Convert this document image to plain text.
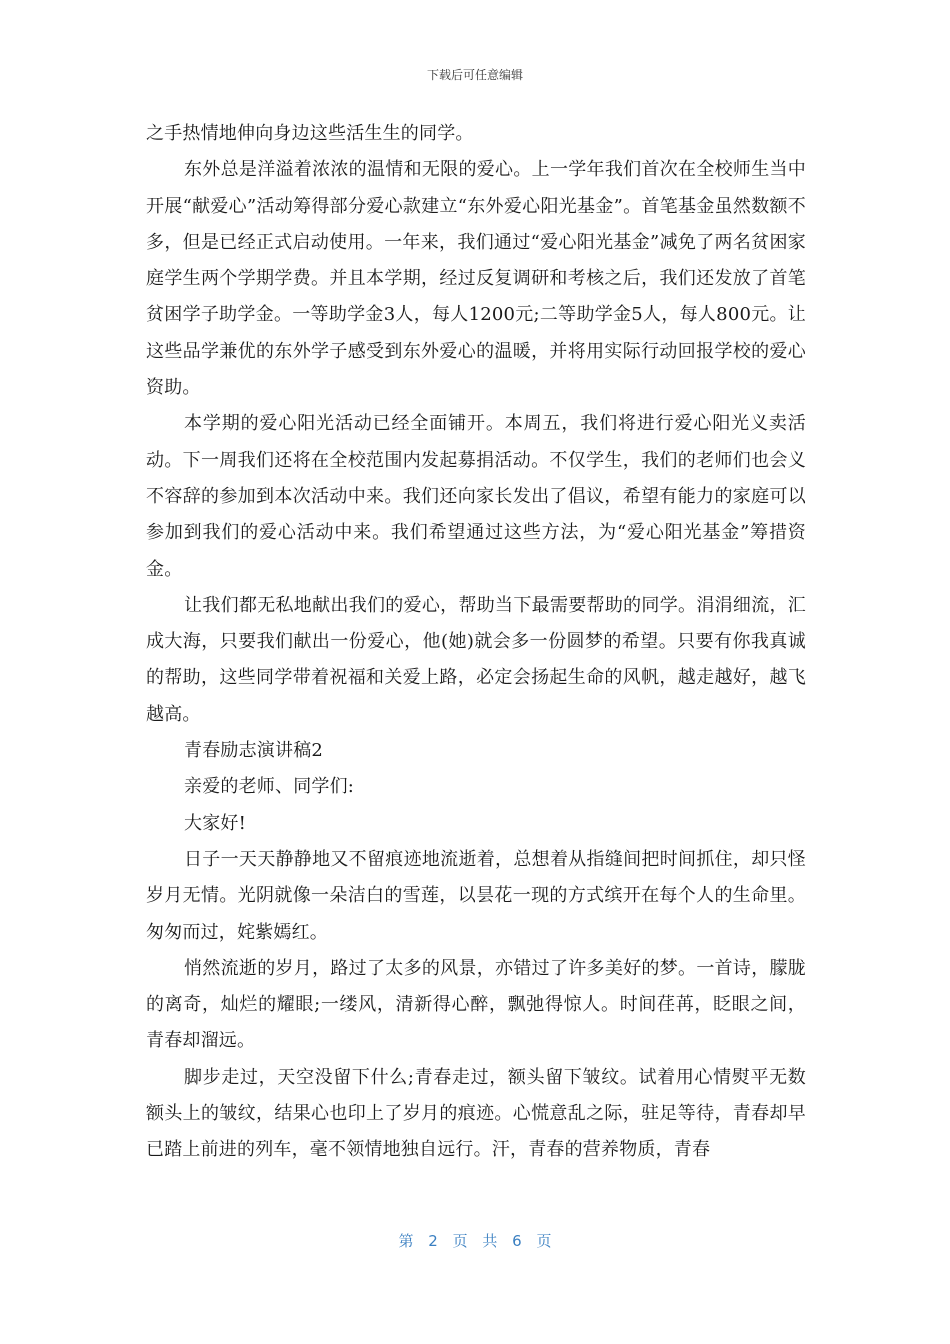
下载后可任意编辑

之手热情地伸向身边这些活生生的同学。

东外总是洋溢着浓浓的温情和无限的爱心。上一学年我们首次在全校师生当中开展“献爱心”活动筹得部分爱心款建立“东外爱心阳光基金”。首笔基金虽然数额不多，但是已经正式启动使用。一年来，我们通过“爱心阳光基金”减免了两名贫困家庭学生两个学期学费。并且本学期，经过反复调研和考核之后，我们还发放了首笔贫困学子助学金。一等助学金3人，每人1200元;二等助学金5人，每人800元。让这些品学兼优的东外学子感受到东外爱心的温暖，并将用实际行动回报学校的爱心资助。

本学期的爱心阳光活动已经全面铺开。本周五，我们将进行爱心阳光义卖活动。下一周我们还将在全校范围内发起募捐活动。不仅学生，我们的老师们也会义不容辞的参加到本次活动中来。我们还向家长发出了倡议，希望有能力的家庭可以参加到我们的爱心活动中来。我们希望通过这些方法，为“爱心阳光基金”筹措资金。

让我们都无私地献出我们的爱心，帮助当下最需要帮助的同学。涓涓细流，汇成大海，只要我们献出一份爱心，他(她)就会多一份圆梦的希望。只要有你我真诚的帮助，这些同学带着祝福和关爱上路，必定会扬起生命的风帆，越走越好，越飞越高。

青春励志演讲稿2

亲爱的老师、同学们:

大家好!

日子一天天静静地又不留痕迹地流逝着，总想着从指缝间把时间抓住，却只怪岁月无情。光阴就像一朵洁白的雪莲，以昙花一现的方式缤开在每个人的生命里。匆匆而过，姹紫嫣红。

悄然流逝的岁月，路过了太多的风景，亦错过了许多美好的梦。一首诗，朦胧的离奇，灿烂的耀眼;一缕风，清新得心醉，飘弛得惊人。时间荏苒，眨眼之间，青春却溜远。

脚步走过，天空没留下什么;青春走过，额头留下皱纹。试着用心情熨平无数额头上的皱纹，结果心也印上了岁月的痕迹。心慌意乱之际，驻足等待，青春却早已踏上前进的列车，毫不领情地独自远行。汗，青春的营养物质，青春

第 2 页 共 6 页
